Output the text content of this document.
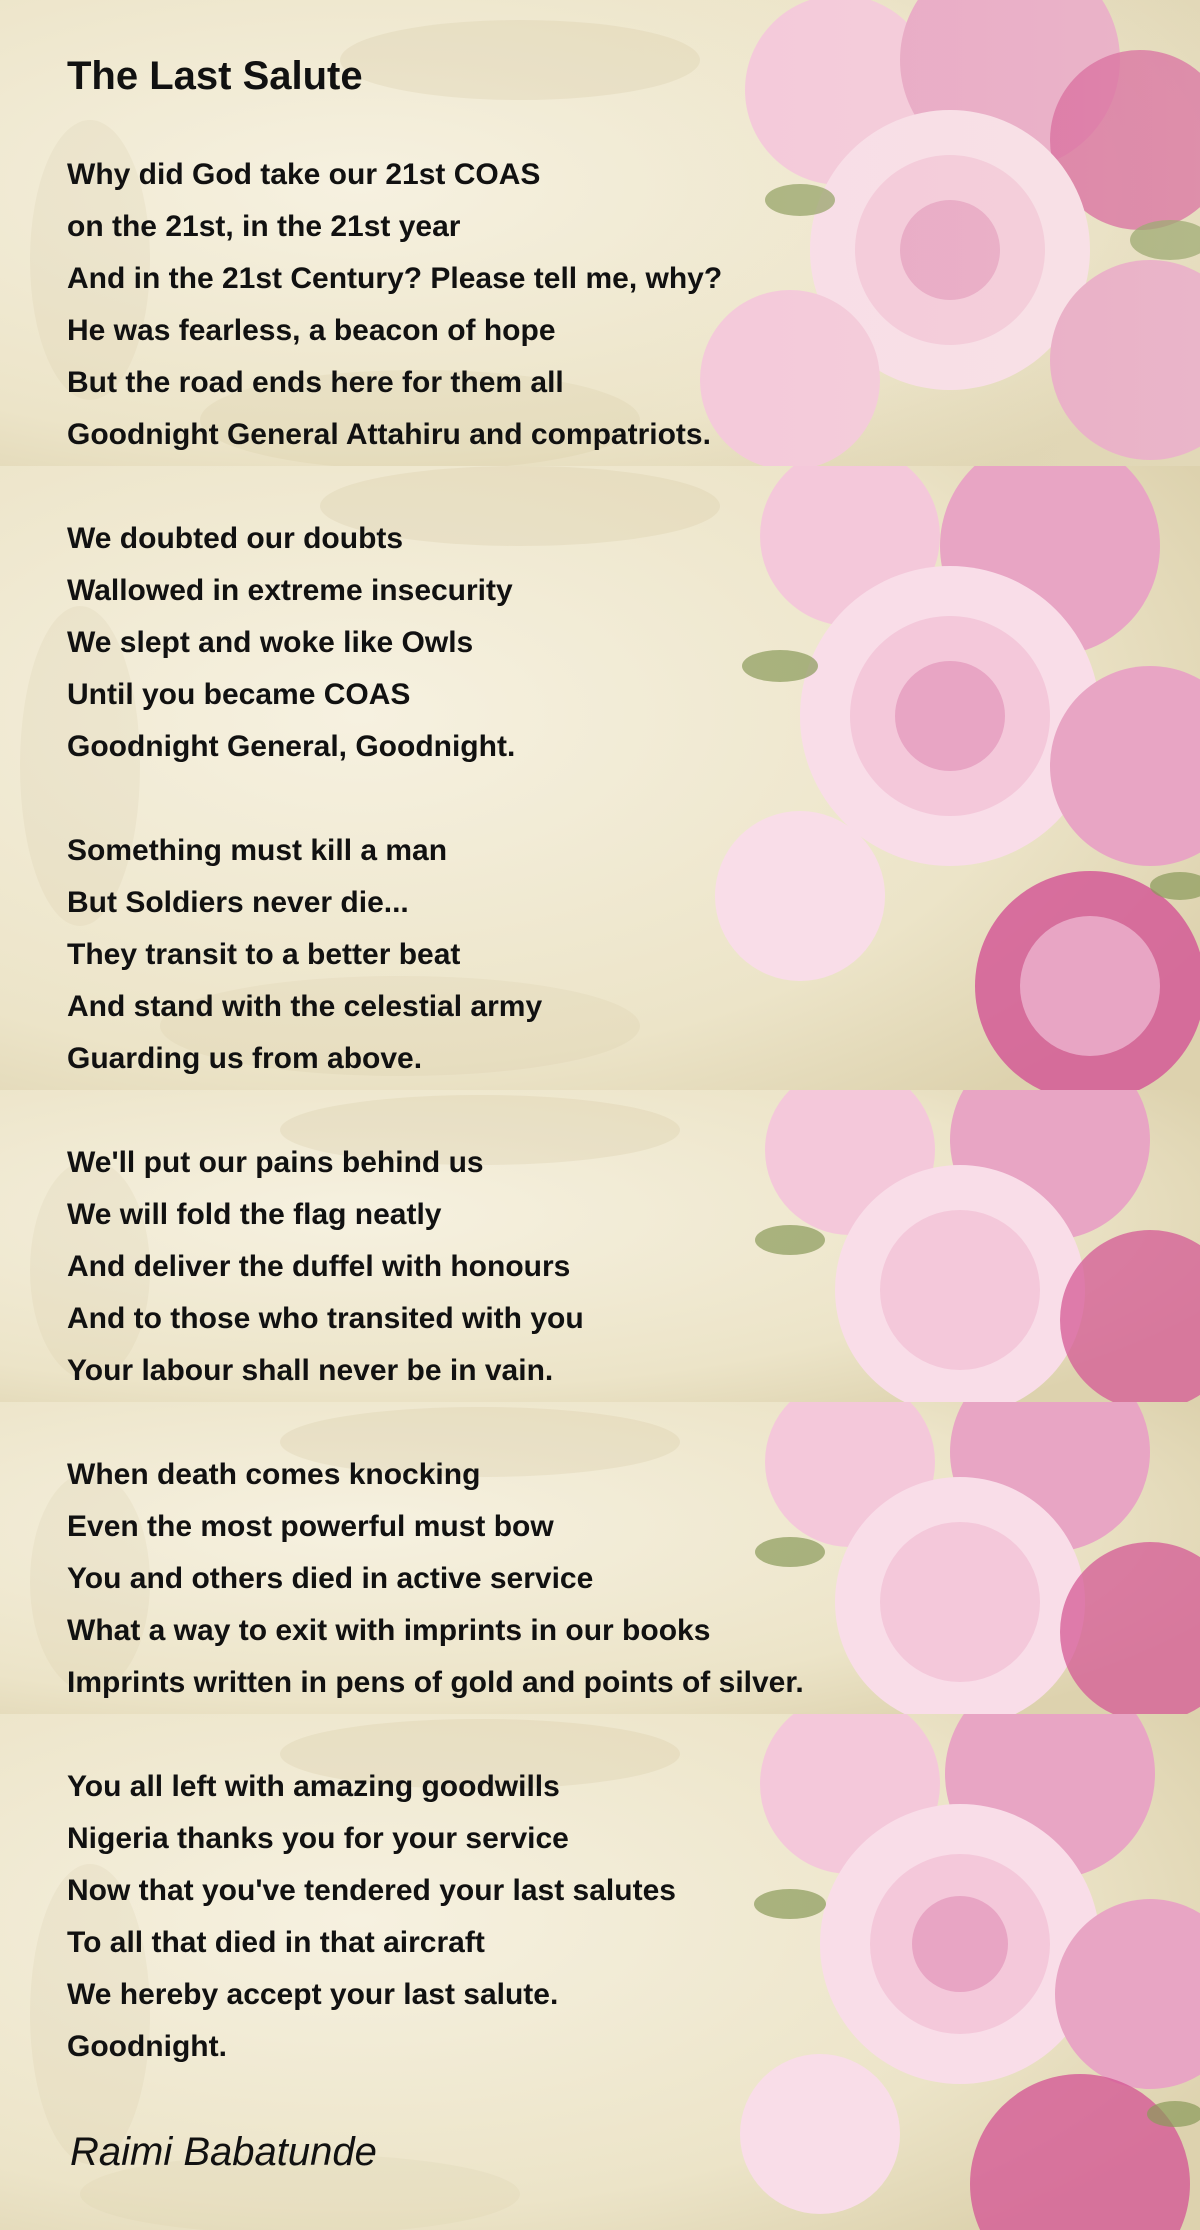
The Last Salute
Why did God take our 21st COAS
on the 21st, in the 21st year
And in the 21st Century? Please tell me, why?
He was fearless, a beacon of hope
But the road ends here for them all
Goodnight General Attahiru and compatriots.
We doubted our doubts
Wallowed in extreme insecurity
We slept and woke like Owls
Until you became COAS
Goodnight General, Goodnight.
Something must kill a man
But Soldiers never die...
They transit to a better beat
And stand with the celestial army
Guarding us from above.
We'll put our pains behind us
We will fold the flag neatly
And deliver the duffel with honours
And to those who transited with you
Your labour shall never be in vain.
When death comes knocking
Even the most powerful must bow
You and others died in active service
What a way to exit with imprints in our books
Imprints written in pens of gold and points of silver.
You all left with amazing goodwills
Nigeria thanks you for your service
Now that you've tendered your last salutes
To all that died in that aircraft
We hereby accept your last salute.
Goodnight.

Raimi Babatunde
